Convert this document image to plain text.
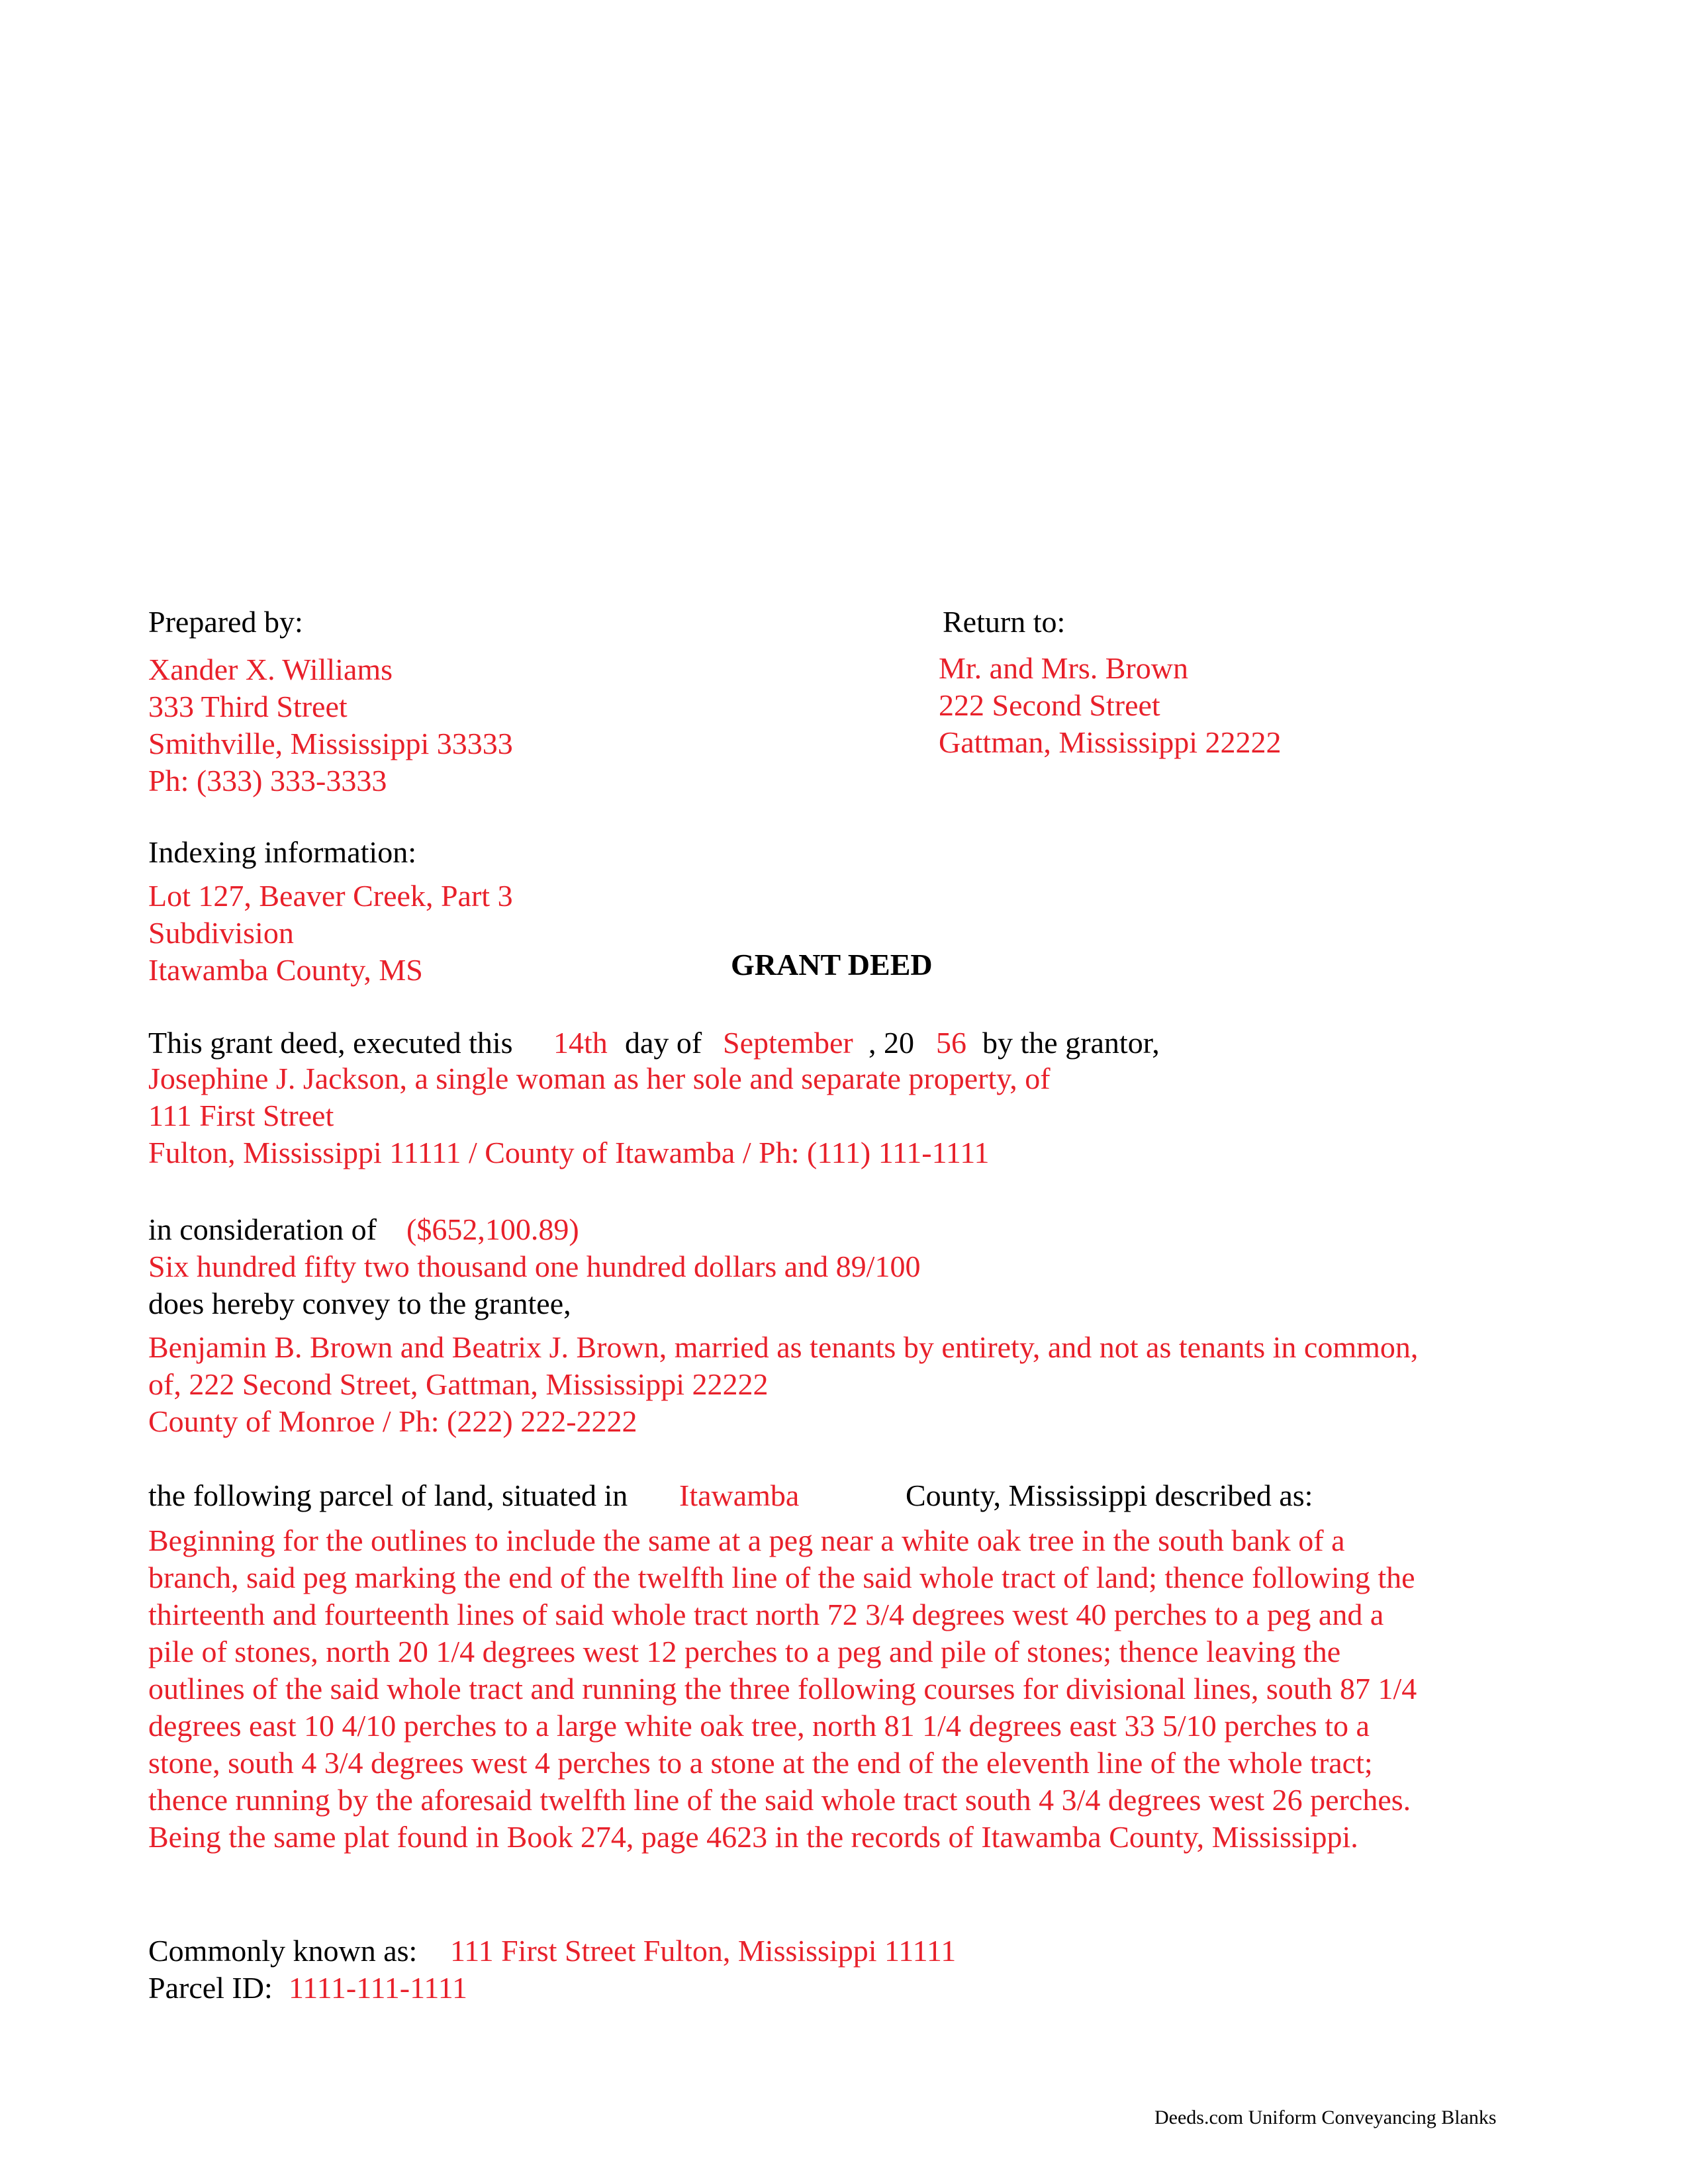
Prepared by:
Xander X. Williams
333 Third Street
Smithville, Mississippi 33333
Ph: (333) 333-3333
Return to:
Mr. and Mrs. Brown
222 Second Street
Gattman, Mississippi 22222
Indexing information:
Lot 127, Beaver Creek, Part 3
Subdivision
Itawamba County, MS	GRANT DEED
This grant deed, executed this 14th day of September , 20 56 by the grantor,
Josephine J. Jackson, a single woman as her sole and separate property, of
111 First Street
Fulton, Mississippi 11111 / County of Itawamba / Ph: (111) 111-1111
in consideration of ($652,100.89)
Six hundred fifty two thousand one hundred dollars and 89/100
does hereby convey to the grantee,
Benjamin B. Brown and Beatrix J. Brown, married as tenants by entirety, and not as tenants in common,
of, 222 Second Street, Gattman, Mississippi 22222
County of Monroe / Ph: (222) 222-2222
the following parcel of land, situated in Itawamba	County, Mississippi described as:
Beginning for the outlines to include the same at a peg near a white oak tree in the south bank of a
branch, said peg marking the end of the twelfth line of the said whole tract of land; thence following the
thirteenth and fourteenth lines of said whole tract north 72 3/4 degrees west 40 perches to a peg and a
pile of stones, north 20 1/4 degrees west 12 perches to a peg and pile of stones; thence leaving the
outlines of the said whole tract and running the three following courses for divisional lines, south 87 1/4
degrees east 10 4/10 perches to a large white oak tree, north 81 1/4 degrees east 33 5/10 perches to a
stone, south 4 3/4 degrees west 4 perches to a stone at the end of the eleventh line of the whole tract;
thence running by the aforesaid twelfth line of the said whole tract south 4 3/4 degrees west 26 perches.
Being the same plat found in Book 274, page 4623 in the records of Itawamba County, Mississippi.
Commonly known as: 111 First Street Fulton, Mississippi 11111
Parcel ID: 1111-111-1111
Deeds.com Uniform Conveyancing Blanks
